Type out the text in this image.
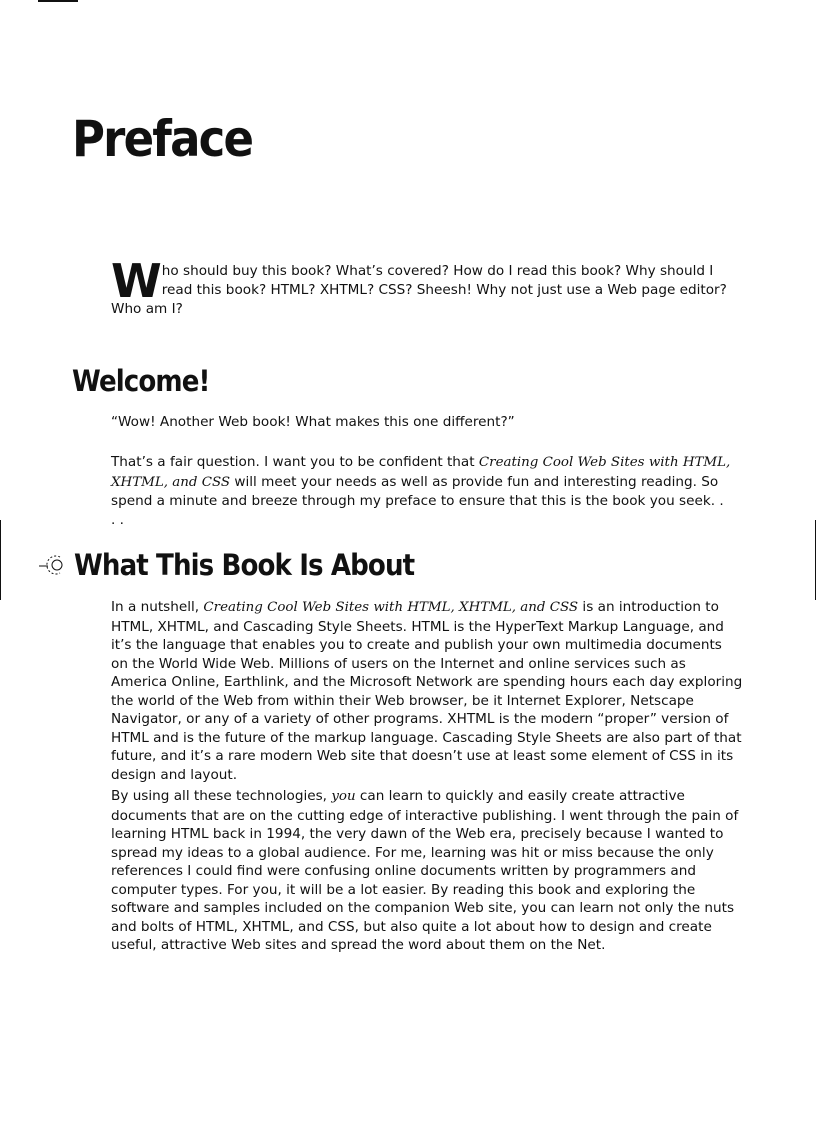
Preface

Who should buy this book? What’s covered? How do I read this book? Why should I read this book? HTML? XHTML? CSS? Sheesh! Why not just use a Web page editor? Who am I?

Welcome!

“Wow! Another Web book! What makes this one different?”

That’s a fair question. I want you to be confident that Creating Cool Web Sites with HTML, XHTML, and CSS will meet your needs as well as provide fun and interesting reading. So spend a minute and breeze through my preface to ensure that this is the book you seek. . . .

What This Book Is About

In a nutshell, Creating Cool Web Sites with HTML, XHTML, and CSS is an introduction to HTML, XHTML, and Cascading Style Sheets. HTML is the HyperText Markup Language, and it’s the language that enables you to create and publish your own multimedia documents on the World Wide Web. Millions of users on the Internet and online services such as America Online, Earthlink, and the Microsoft Network are spending hours each day exploring the world of the Web from within their Web browser, be it Internet Explorer, Netscape Navigator, or any of a variety of other programs. XHTML is the modern “proper” version of HTML and is the future of the markup language. Cascading Style Sheets are also part of that future, and it’s a rare modern Web site that doesn’t use at least some element of CSS in its design and layout.

By using all these technologies, you can learn to quickly and easily create attractive documents that are on the cutting edge of interactive publishing. I went through the pain of learning HTML back in 1994, the very dawn of the Web era, precisely because I wanted to spread my ideas to a global audience. For me, learning was hit or miss because the only references I could find were confusing online documents written by programmers and computer types. For you, it will be a lot easier. By reading this book and exploring the software and samples included on the companion Web site, you can learn not only the nuts and bolts of HTML, XHTML, and CSS, but also quite a lot about how to design and create useful, attractive Web sites and spread the word about them on the Net.
